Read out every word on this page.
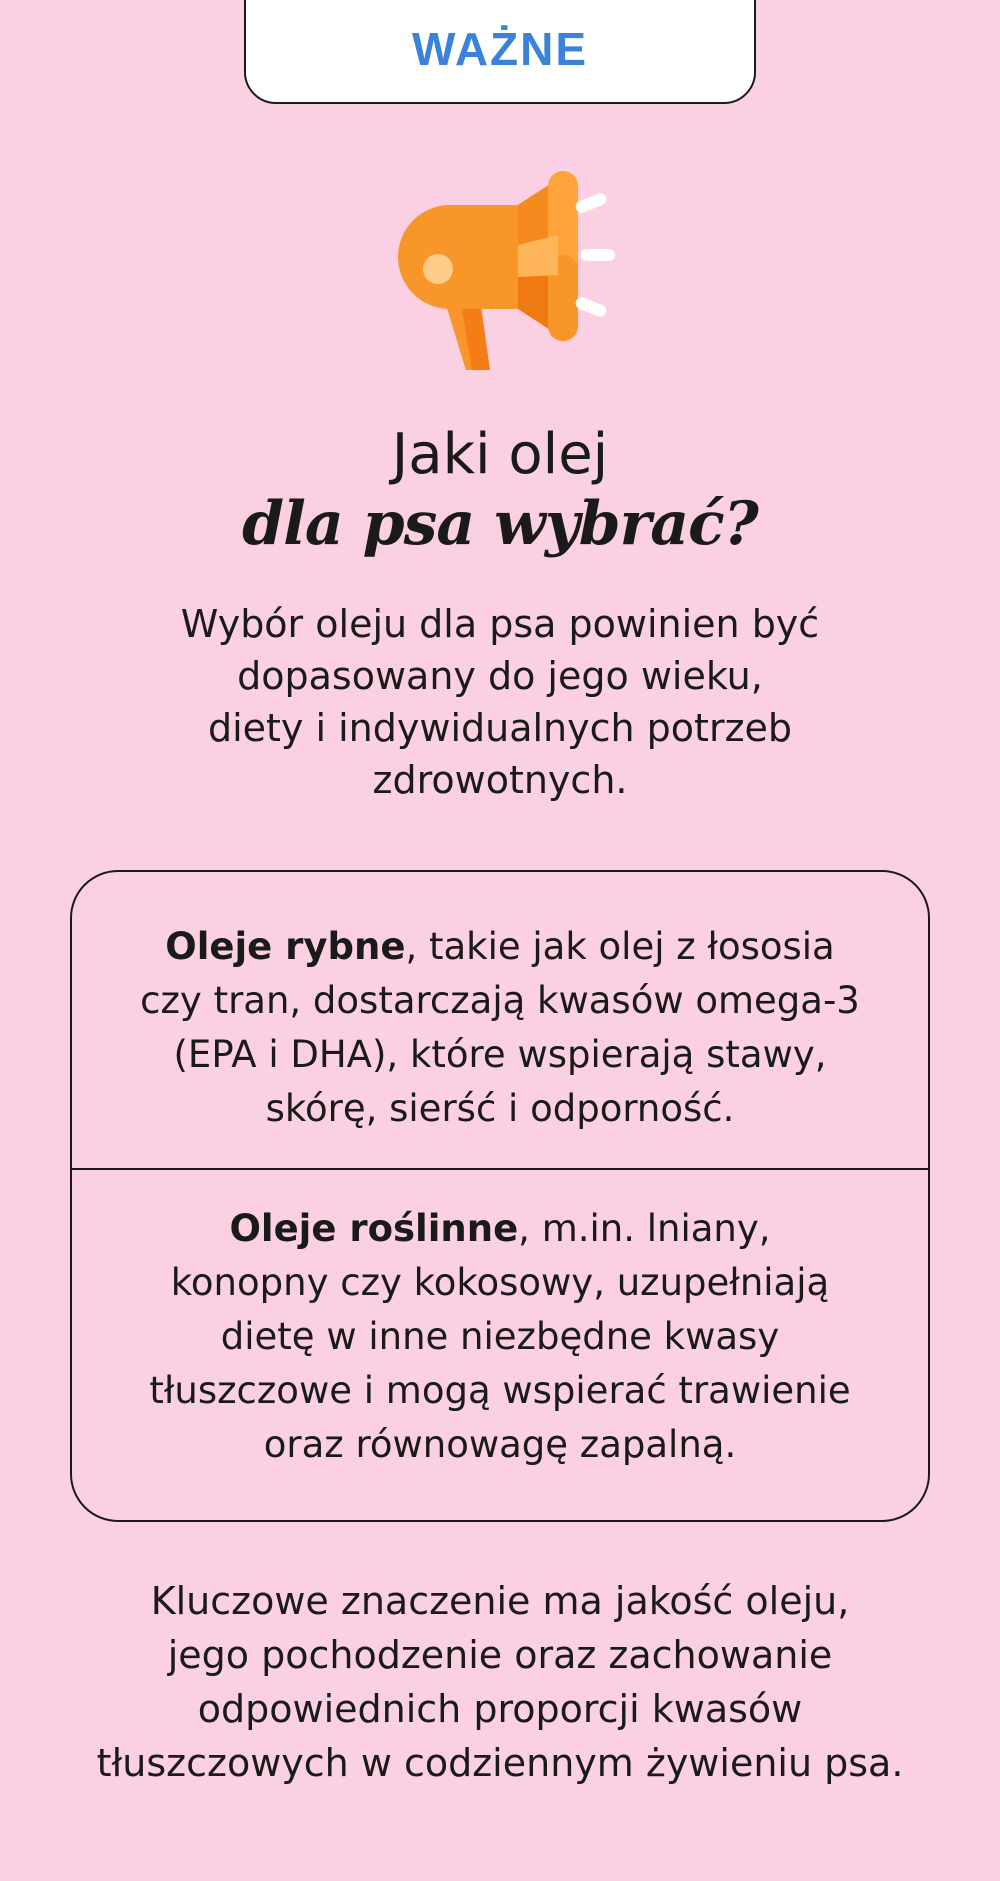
WAŻNE
Jaki olej
dla psa wybrać?
Wybór oleju dla psa powinien być
dopasowany do jego wieku,
diety i indywidualnych potrzeb
zdrowotnych.
Oleje rybne, takie jak olej z łososia
czy tran, dostarczają kwasów omega-3
(EPA i DHA), które wspierają stawy,
skórę, sierść i odporność.
Oleje roślinne, m.in. lniany,
konopny czy kokosowy, uzupełniają
dietę w inne niezbędne kwasy
tłuszczowe i mogą wspierać trawienie
oraz równowagę zapalną.
Kluczowe znaczenie ma jakość oleju,
jego pochodzenie oraz zachowanie
odpowiednich proporcji kwasów
tłuszczowych w codziennym żywieniu psa.
